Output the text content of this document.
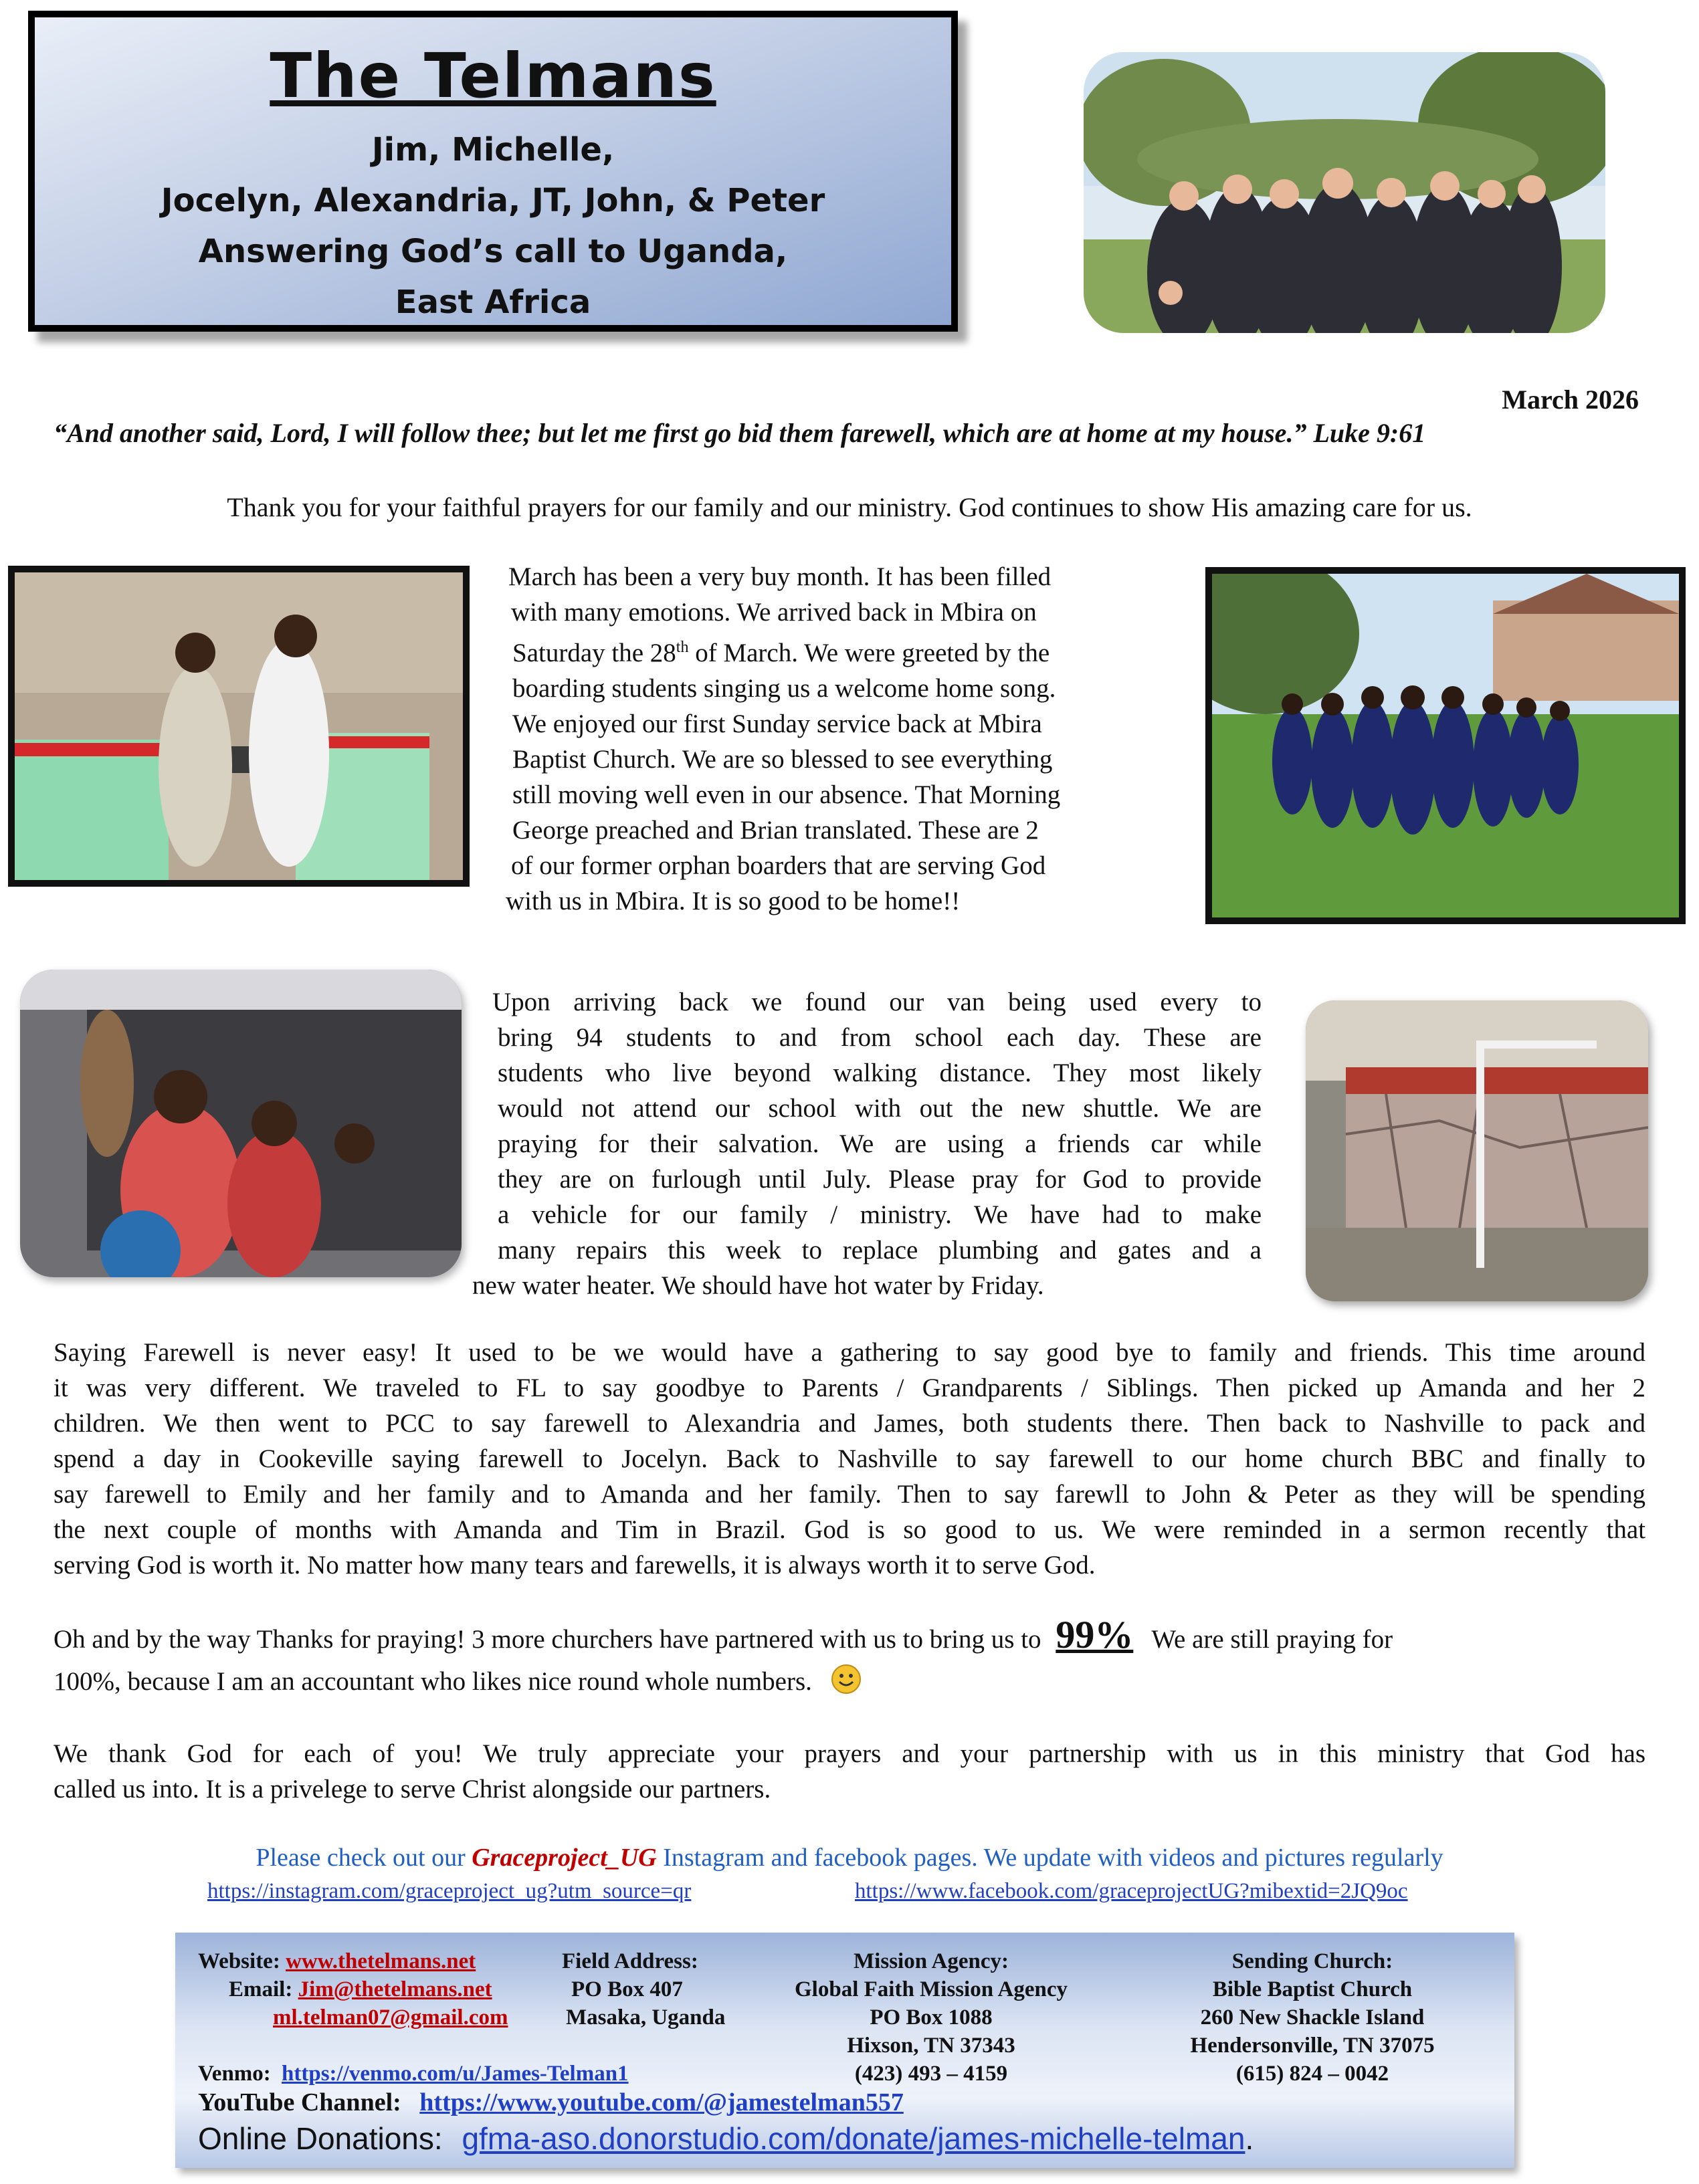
The Telmans
Jim, Michelle,
Jocelyn, Alexandria, JT, John, & Peter
Answering God’s call to Uganda,
East Africa
March 2026
“And another said, Lord, I will follow thee; but let me first go bid them farewell, which are at home at my house.” Luke 9:61
Thank you for your faithful prayers for our family and our ministry. God continues to show His amazing care for us.

March has been a very buy month. It has been filled

with many emotions. We arrived back in Mbira on

Saturday the 28th of March. We were greeted by the

boarding students singing us a welcome home song.

We enjoyed our first Sunday service back at Mbira

Baptist Church. We are so blessed to see everything

still moving well even in our absence. That Morning

George preached and Brian translated. These are 2

of our former orphan boarders that are serving God

with us in Mbira. It is so good to be home!!

Upon arriving back we found our van being used every to
bring 94 students to and from school each day. These are
students who live beyond walking distance. They most likely
would not attend our school with out the new shuttle. We are
praying for their salvation. We are using a friends car while
they are on furlough until July. Please pray for God to provide
a vehicle for our family / ministry. We have had to make
many repairs this week to replace plumbing and gates and a
new water heater. We should have hot water by Friday.
Saying Farewell is never easy! It used to be we would have a gathering to say good bye to family and friends. This time around
it was very different. We traveled to FL to say goodbye to Parents / Grandparents / Siblings. Then picked up Amanda and her 2
children. We then went to PCC to say farewell to Alexandria and James, both students there. Then back to Nashville to pack and
spend a day in Cookeville saying farewell to Jocelyn. Back to Nashville to say farewell to our home church BBC and finally to
say farewell to Emily and her family and to Amanda and her family. Then to say farewll to John & Peter as they will be spending
the next couple of months with Amanda and Tim in Brazil. God is so good to us. We were reminded in a sermon recently that
serving God is worth it. No matter how many tears and farewells, it is always worth it to serve God.
Oh and by the way Thanks for praying! 3 more churchers have partnered with us to bring us to 99% We are still praying for
100%, because I am an accountant who likes nice round whole numbers.
We thank God for each of you! We truly appreciate your prayers and your partnership with us in this ministry that God has
called us into. It is a privelege to serve Christ alongside our partners.
Please check out our Graceproject_UG Instagram and facebook pages. We update with videos and pictures regularly
https://instagram.com/graceproject_ug?utm_source=qr	https://www.facebook.com/graceprojectUG?mibextid=2JQ9oc
Website: www.thetelmans.net
Email: Jim@thetelmans.net
ml.telman07@gmail.com
Field Address:
PO Box 407
Masaka, Uganda
Mission Agency:
Global Faith Mission Agency
PO Box 1088
Hixson, TN 37343
(423) 493 – 4159
Sending Church:
Bible Baptist Church
260 New Shackle Island
Hendersonville, TN 37075
(615) 824 – 0042
Venmo: https://venmo.com/u/James-Telman1
YouTube Channel: https://www.youtube.com/@jamestelman557
Online Donations: gfma-aso.donorstudio.com/donate/james-michelle-telman.
